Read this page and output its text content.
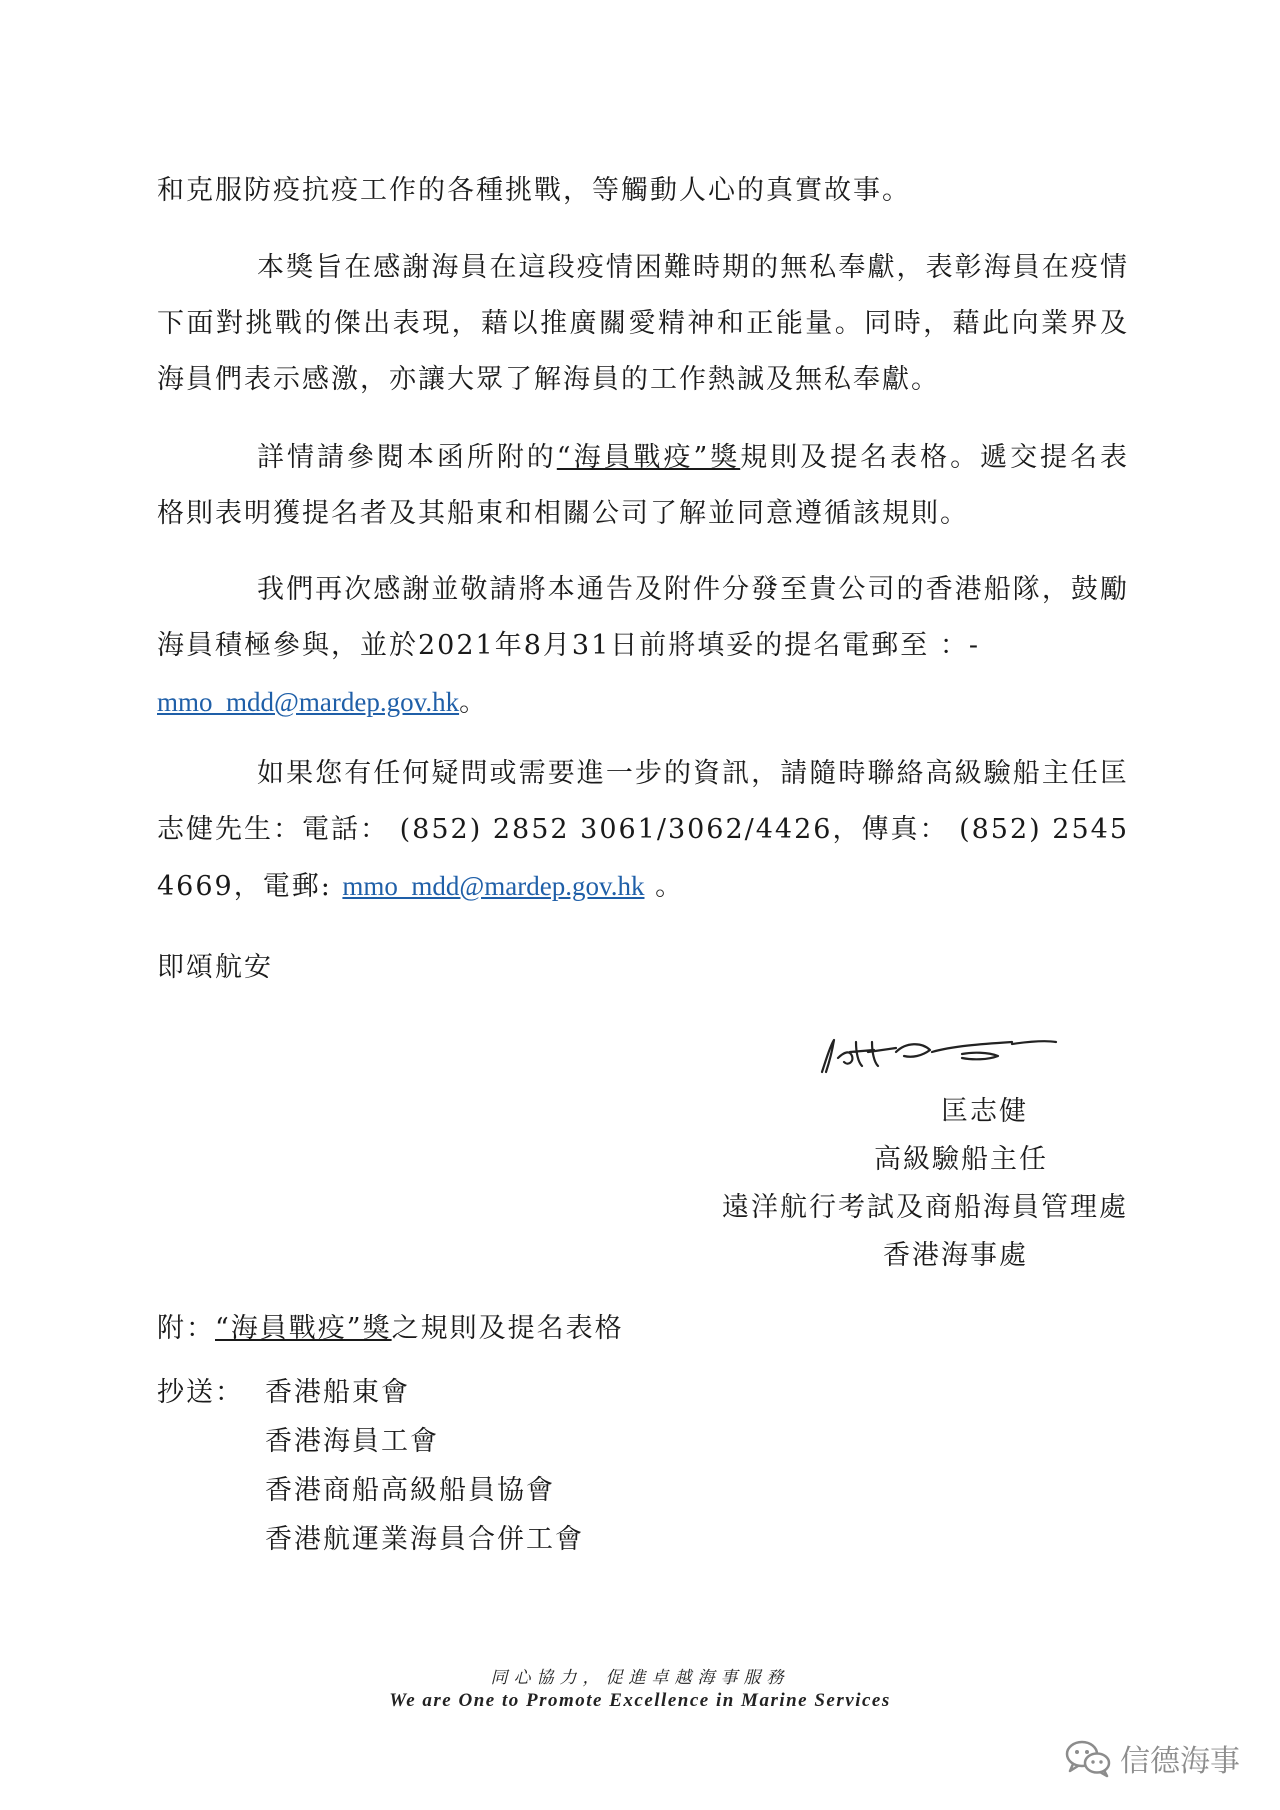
和克服防疫抗疫工作的各種挑戰，等觸動人心的真實故事。

本獎旨在感謝海員在這段疫情困難時期的無私奉獻，表彰海員在疫情下面對挑戰的傑出表現，藉以推廣關愛精神和正能量。同時，藉此向業界及海員們表示感激，亦讓大眾了解海員的工作熱誠及無私奉獻。

詳情請參閱本函所附的“海員戰疫”獎規則及提名表格。遞交提名表格則表明獲提名者及其船東和相關公司了解並同意遵循該規則。

我們再次感謝並敬請將本通告及附件分發至貴公司的香港船隊，鼓勵海員積極參與，並於2021年8月31日前將填妥的提名電郵至 ：-
mmo_mdd@mardep.gov.hk。

如果您有任何疑問或需要進一步的資訊，請隨時聯絡高級驗船主任匡志健先生：電話： (852) 2852 3061/3062/4426，傳真： (852) 2545 4669，電郵: mmo_mdd@mardep.gov.hk 。

即頌航安
匡志健
高級驗船主任
遠洋航行考試及商船海員管理處
香港海事處
附：“海員戰疫”獎之規則及提名表格
抄送： 香港船東會
香港海員工會
香港商船高級船員協會
香港航運業海員合併工會
同心協力，促進卓越海事服務
We are One to Promote Excellence in Marine Services
信德海事
